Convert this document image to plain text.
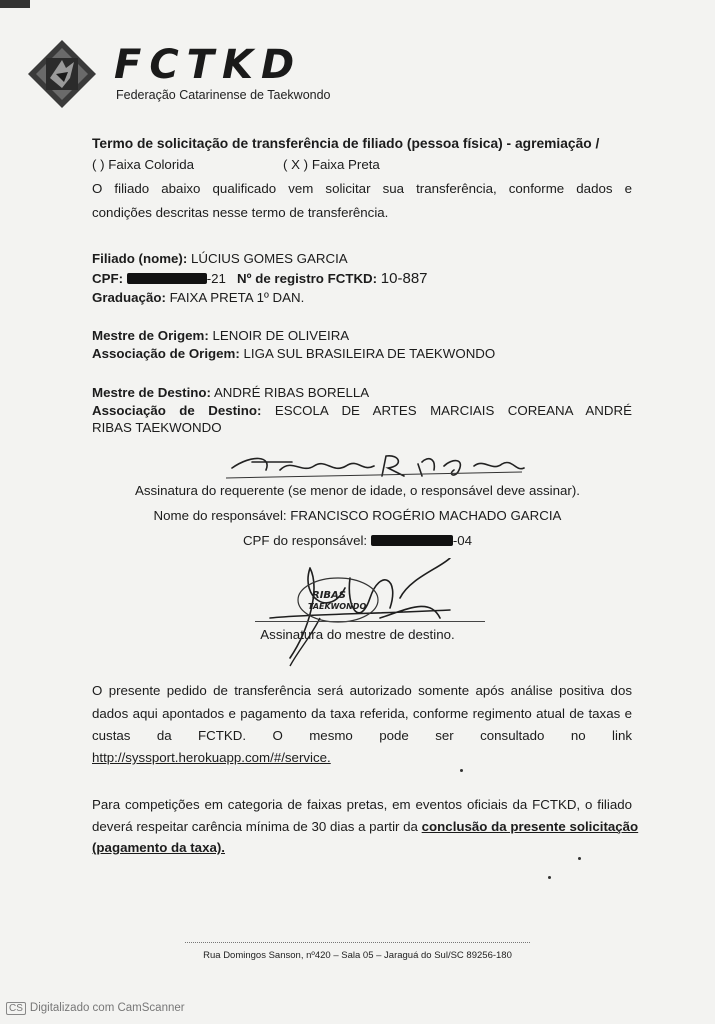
FCTKD
Federação Catarinense de Taekwondo
Termo de solicitação de transferência de filiado (pessoa física) - agremiação /
( ) Faixa Colorida	( X ) Faixa Preta
O filiado abaixo qualificado vem solicitar sua transferência, conforme dados e
condições descritas nesse termo de transferência.
Filiado (nome): LÚCIUS GOMES GARCIA
CPF:	-21 Nº de registro FCTKD: 10-887
Graduação: FAIXA PRETA 1º DAN.
Mestre de Origem: LENOIR DE OLIVEIRA
Associação de Origem: LIGA SUL BRASILEIRA DE TAEKWONDO
Mestre de Destino: ANDRÉ RIBAS BORELLA
Associação de Destino: ESCOLA DE ARTES MARCIAIS COREANA ANDRÉ
RIBAS TAEKWONDO
Assinatura do requerente (se menor de idade, o responsável deve assinar).
Nome do responsável: FRANCISCO ROGÉRIO MACHADO GARCIA
CPF do responsável:	-04
RIBAS
TAEKWONDO
Assinatura do mestre de destino.
O presente pedido de transferência será autorizado somente após análise positiva dos
dados aqui apontados e pagamento da taxa referida, conforme regimento atual de taxas e
custas da FCTKD. O mesmo pode ser consultado no link
http://syssport.herokuapp.com/#/service.
Para competições em categoria de faixas pretas, em eventos oficiais da FCTKD, o filiado
deverá respeitar carência mínima de 30 dias a partir da conclusão da presente solicitação
(pagamento da taxa).
Rua Domingos Sanson, nº420 – Sala 05 – Jaraguá do Sul/SC 89256-180
CS Digitalizado com CamScanner
